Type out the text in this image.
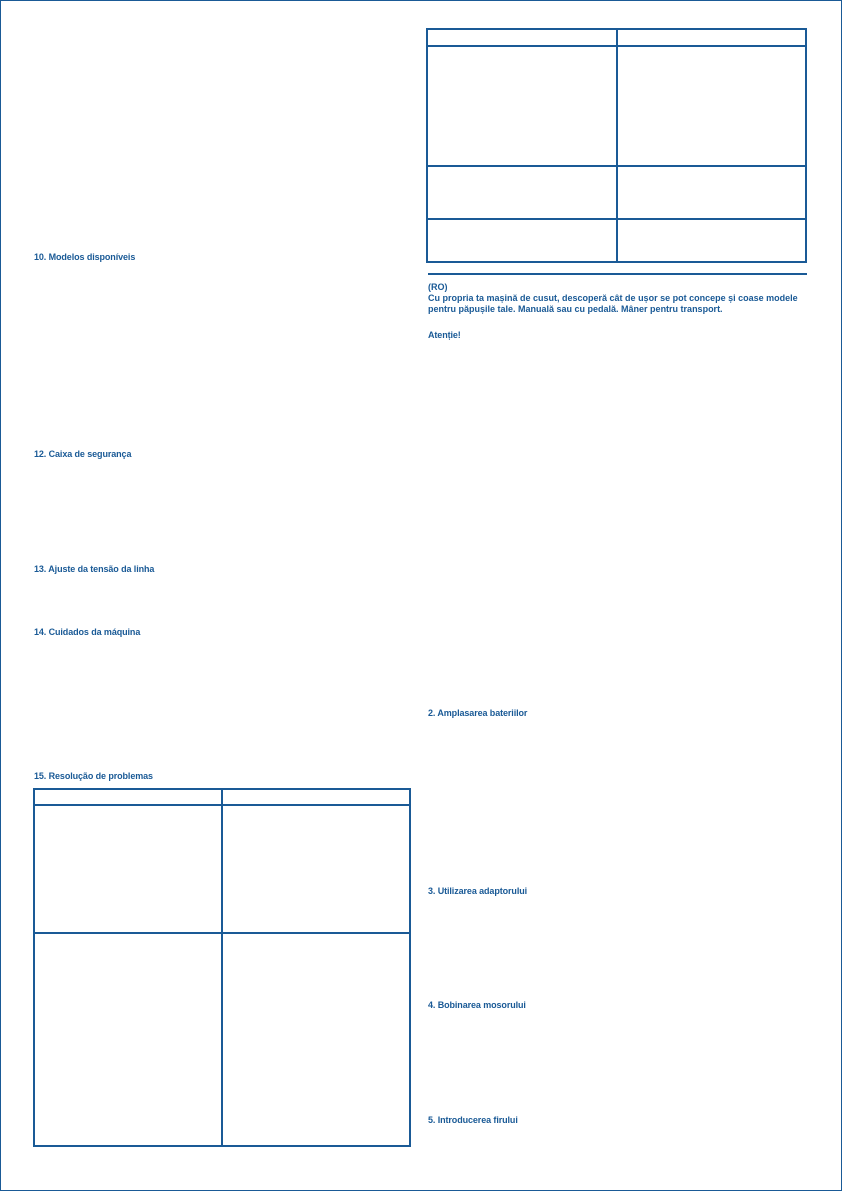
10. Modelos disponíveis
12. Caixa de segurança
13. Ajuste da tensão da linha
14. Cuidados da máquina
15. Resolução de problemas

(RO)
Cu propria ta mașină de cusut, descoperă cât de ușor se pot concepe și coase modele pentru păpușile tale. Manuală sau cu pedală. Mâner pentru transport.
Atenție!
2. Amplasarea bateriilor
3. Utilizarea adaptorului
4. Bobinarea mosorului
5. Introducerea firului
